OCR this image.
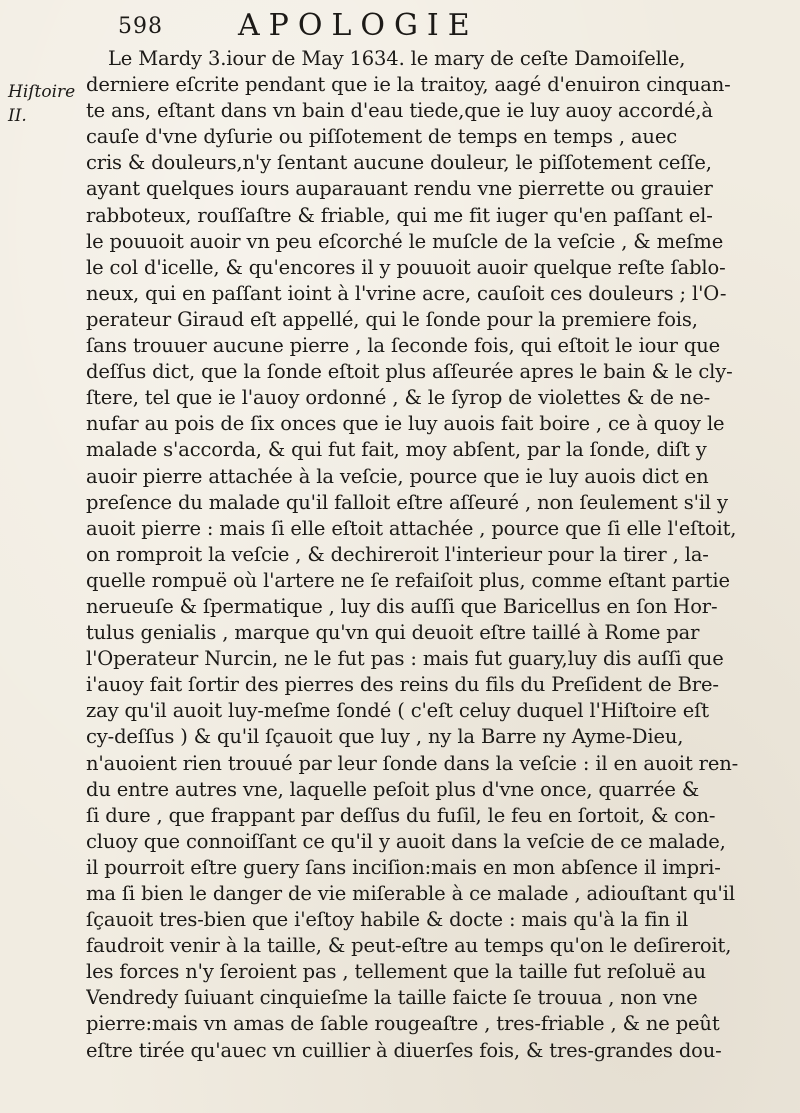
598	APOLOGIE
Hiſtoire
II.
Le Mardy 3.iour de May 1634. le mary de ceſte Damoiſelle,
derniere eſcrite pendant que ie la traitoy, aagé d'enuiron cinquan-
te ans, eſtant dans vn bain d'eau tiede,que ie luy auoy accordé,à
cauſe d'vne dyſurie ou piſſotement de temps en temps , auec
cris & douleurs,n'y ſentant aucune douleur, le piſſotement ceſſe,
ayant quelques iours auparauant rendu vne pierrette ou grauier
rabboteux, rouſſaſtre & friable, qui me fit iuger qu'en paſſant el-
le pouuoit auoir vn peu eſcorché le muſcle de la veſcie , & meſme
le col d'icelle, & qu'encores il y pouuoit auoir quelque reſte ſablo-
neux, qui en paſſant ioint à l'vrine acre, cauſoit ces douleurs ; l'O-
perateur Giraud eſt appellé, qui le ſonde pour la premiere fois,
ſans trouuer aucune pierre , la ſeconde fois, qui eſtoit le iour que
deſſus dict, que la ſonde eſtoit plus aſſeurée apres le bain & le cly-
ſtere, tel que ie l'auoy ordonné , & le ſyrop de violettes & de ne-
nufar au pois de ſix onces que ie luy auois fait boire , ce à quoy le
malade s'accorda, & qui fut fait, moy abſent, par la ſonde, diſt y
auoir pierre attachée à la veſcie, pource que ie luy auois dict en
preſence du malade qu'il falloit eſtre aſſeuré , non ſeulement s'il y
auoit pierre : mais ſi elle eſtoit attachée , pource que ſi elle l'eſtoit,
on romproit la veſcie , & dechireroit l'interieur pour la tirer , la-
quelle rompuë où l'artere ne ſe refaiſoit plus, comme eſtant partie
nerueuſe & ſpermatique , luy dis auſſi que Baricellus en ſon Hor-
tulus genialis , marque qu'vn qui deuoit eſtre taillé à Rome par
l'Operateur Nurcin, ne le fut pas : mais fut guary,luy dis auſſi que
i'auoy fait ſortir des pierres des reins du fils du Preſident de Bre-
zay qu'il auoit luy-meſme ſondé ( c'eſt celuy duquel l'Hiſtoire eſt
cy-deſſus ) & qu'il ſçauoit que luy , ny la Barre ny Ayme-Dieu,
n'auoient rien trouué par leur ſonde dans la veſcie : il en auoit ren-
du entre autres vne, laquelle peſoit plus d'vne once, quarrée &
ſi dure , que frappant par deſſus du fuſil, le feu en ſortoit, & con-
cluoy que connoiſſant ce qu'il y auoit dans la veſcie de ce malade,
il pourroit eſtre guery ſans inciſion:mais en mon abſence il impri-
ma ſi bien le danger de vie miſerable à ce malade , adiouſtant qu'il
ſçauoit tres-bien que i'eſtoy habile & docte : mais qu'à la fin il
faudroit venir à la taille, & peut-eſtre au temps qu'on le deſireroit,
les forces n'y ſeroient pas , tellement que la taille fut reſoluë au
Vendredy ſuiuant cinquieſme la taille faicte ſe trouua , non vne
pierre:mais vn amas de ſable rougeaſtre , tres-friable , & ne peût
eſtre tirée qu'auec vn cuillier à diuerſes fois, & tres-grandes dou-
